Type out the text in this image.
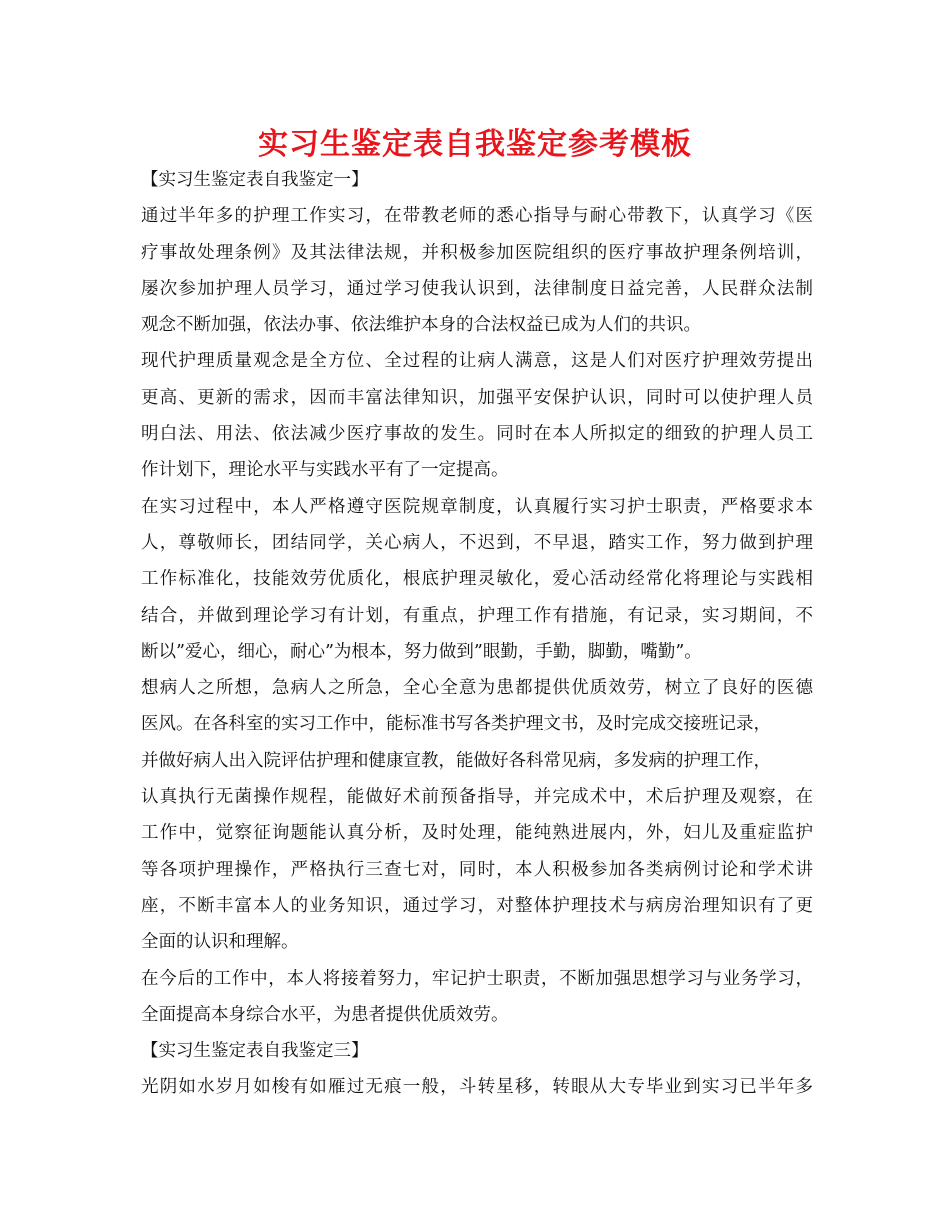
实习生鉴定表自我鉴定参考模板
【实习生鉴定表自我鉴定一】
通过半年多的护理工作实习，在带教老师的悉心指导与耐心带教下，认真学习《医
疗事故处理条例》及其法律法规，并积极参加医院组织的医疗事故护理条例培训，
屡次参加护理人员学习，通过学习使我认识到，法律制度日益完善，人民群众法制
观念不断加强，依法办事、依法维护本身的合法权益已成为人们的共识。
现代护理质量观念是全方位、全过程的让病人满意，这是人们对医疗护理效劳提出
更高、更新的需求，因而丰富法律知识，加强平安保护认识，同时可以使护理人员
明白法、用法、依法减少医疗事故的发生。同时在本人所拟定的细致的护理人员工
作计划下，理论水平与实践水平有了一定提高。
在实习过程中，本人严格遵守医院规章制度，认真履行实习护士职责，严格要求本
人，尊敬师长，团结同学，关心病人，不迟到，不早退，踏实工作，努力做到护理
工作标准化，技能效劳优质化，根底护理灵敏化，爱心活动经常化将理论与实践相
结合，并做到理论学习有计划，有重点，护理工作有措施，有记录，实习期间，不
断以”爱心，细心，耐心”为根本，努力做到”眼勤，手勤，脚勤，嘴勤”。
想病人之所想，急病人之所急，全心全意为患都提供优质效劳，树立了良好的医德
医风。在各科室的实习工作中，能标准书写各类护理文书，及时完成交接班记录，
并做好病人出入院评估护理和健康宣教，能做好各科常见病，多发病的护理工作，
认真执行无菌操作规程，能做好术前预备指导，并完成术中，术后护理及观察，在
工作中，觉察征询题能认真分析，及时处理，能纯熟进展内，外，妇儿及重症监护
等各项护理操作，严格执行三查七对，同时，本人积极参加各类病例讨论和学术讲
座，不断丰富本人的业务知识，通过学习，对整体护理技术与病房治理知识有了更
全面的认识和理解。
在今后的工作中，本人将接着努力，牢记护士职责，不断加强思想学习与业务学习，
全面提高本身综合水平，为患者提供优质效劳。
【实习生鉴定表自我鉴定三】
光阴如水岁月如梭有如雁过无痕一般，斗转星移，转眼从大专毕业到实习已半年多
